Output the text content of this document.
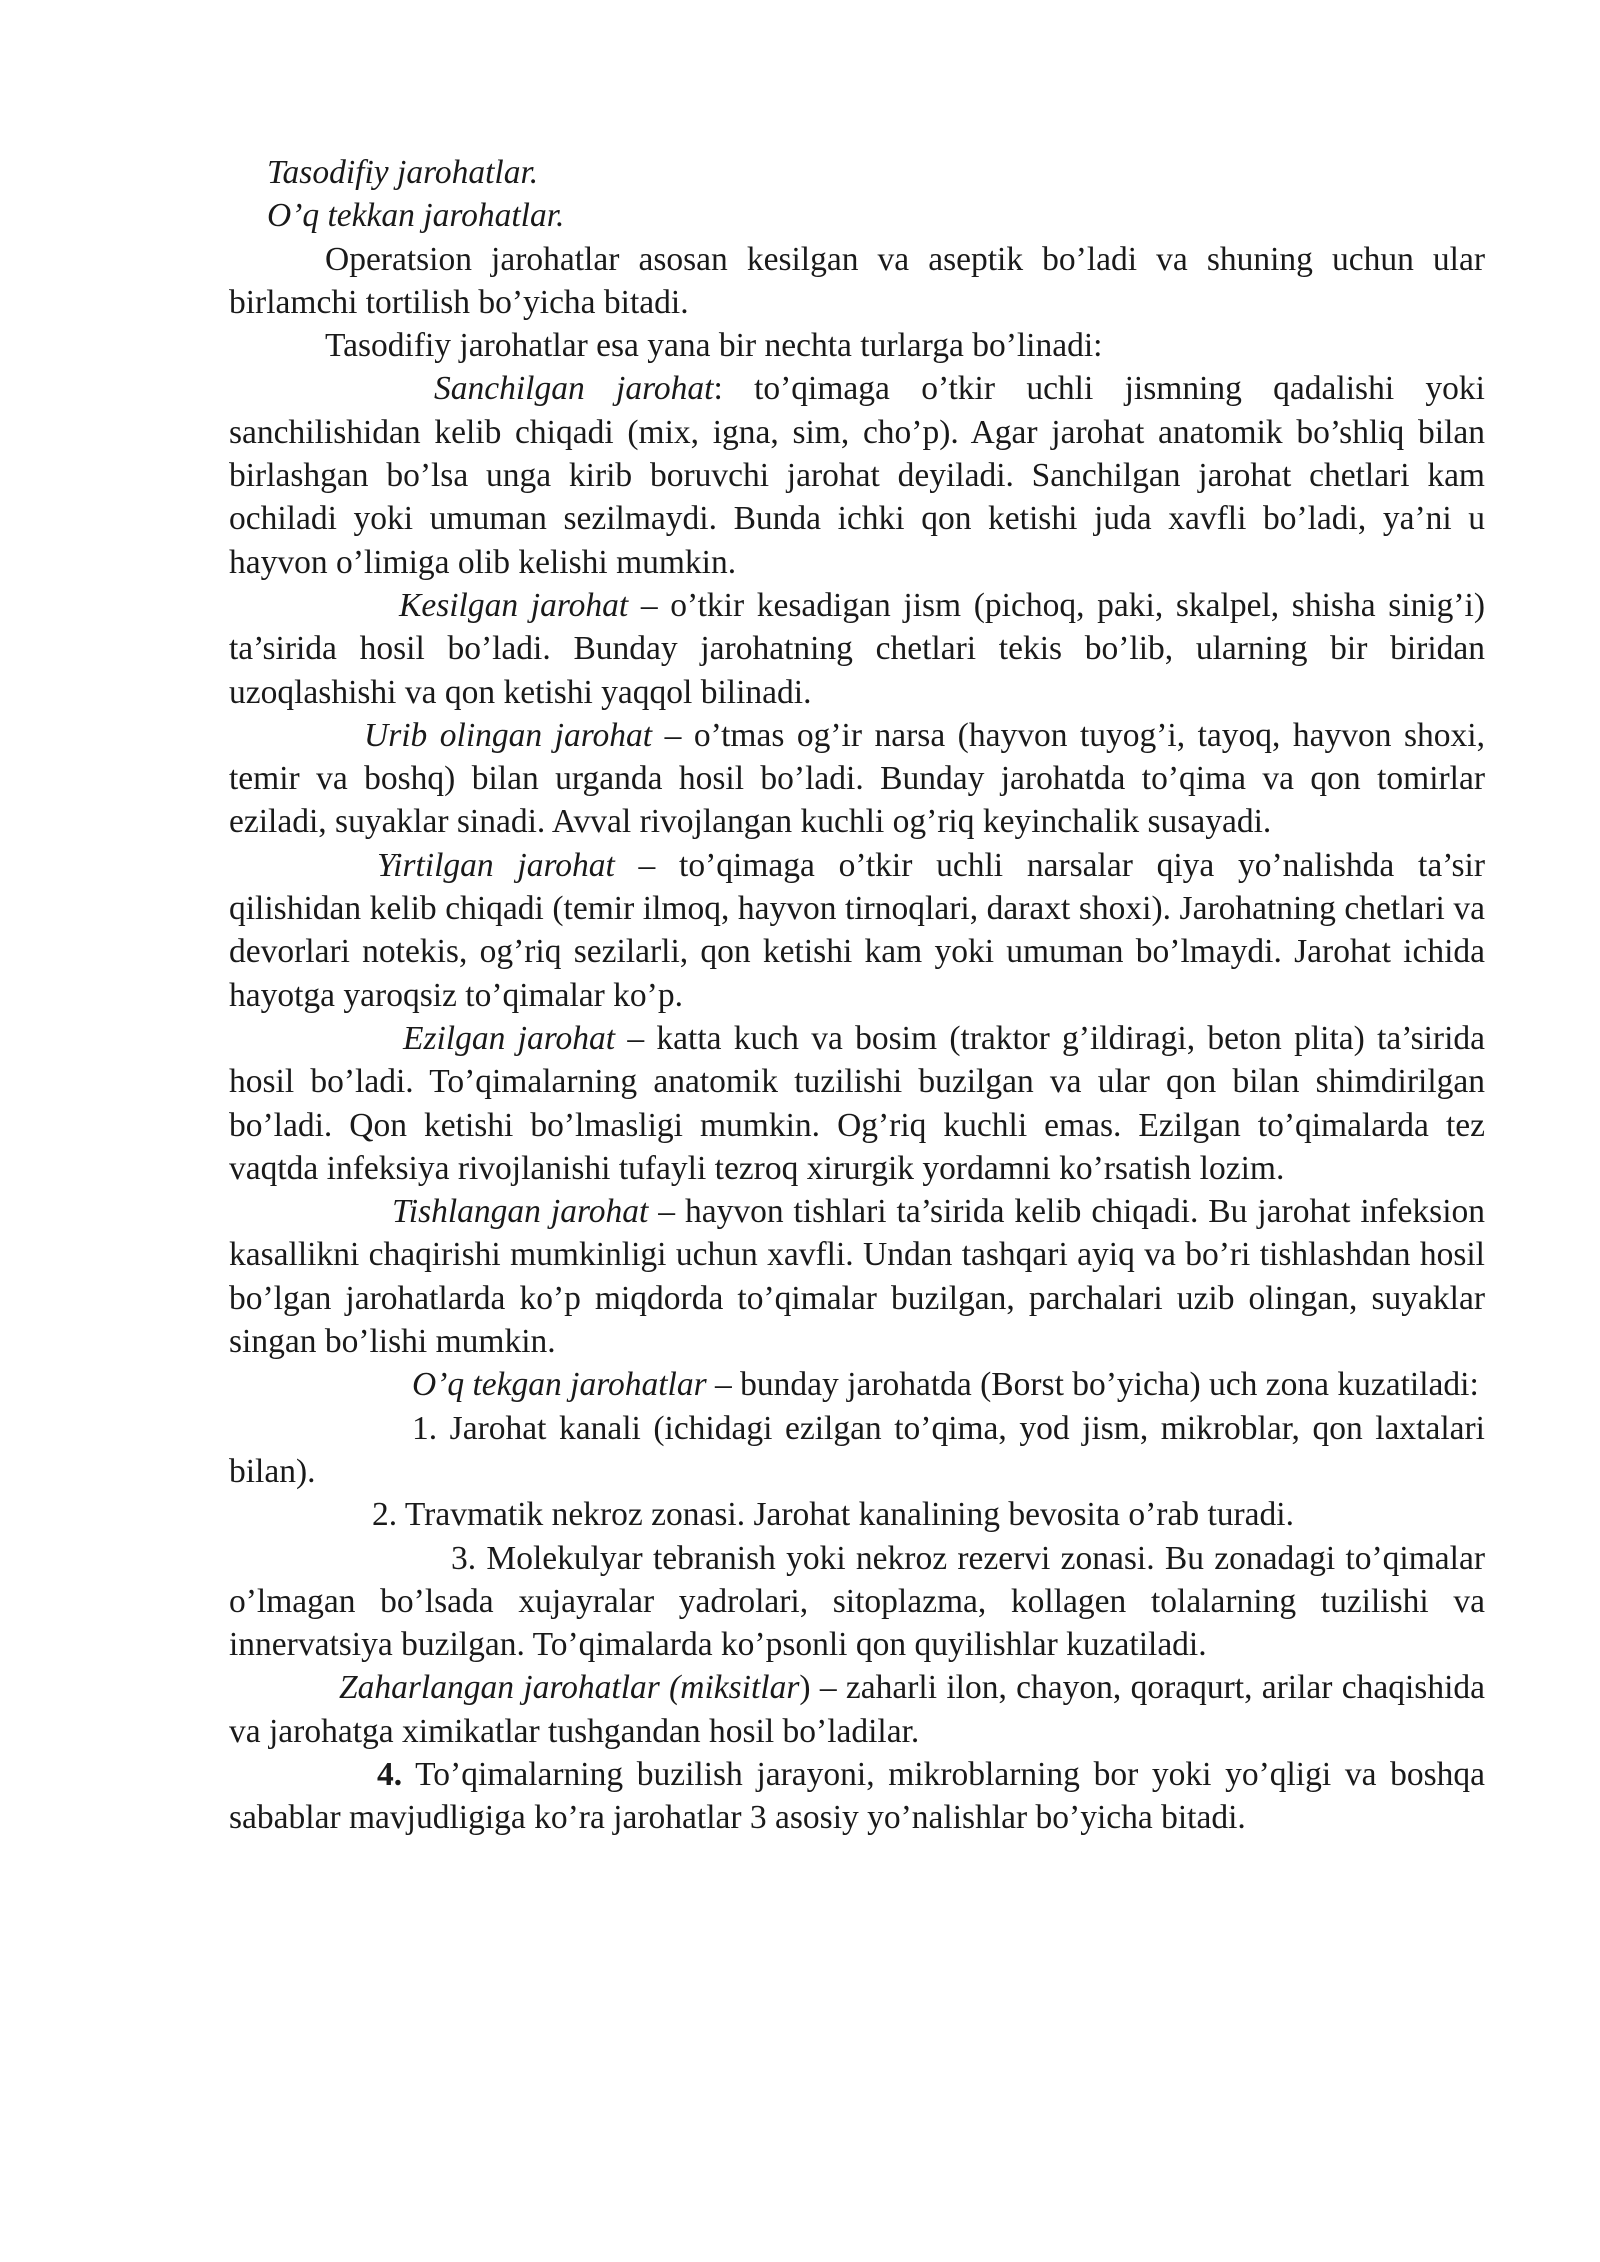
Tasodifiy jarohatlar.

O’q tekkan jarohatlar.

Operatsion jarohatlar asosan kesilgan va aseptik bo’ladi va shuning uchun ular birlamchi tortilish bo’yicha bitadi.

Tasodifiy jarohatlar esa yana bir nechta turlarga bo’linadi:

Sanchilgan jarohat: to’qimaga o’tkir uchli jismning qadalishi yoki sanchilishidan kelib chiqadi (mix, igna, sim, cho’p). Agar jarohat anatomik bo’shliq bilan birlashgan bo’lsa unga kirib boruvchi jarohat deyiladi. Sanchilgan jarohat chetlari kam ochiladi yoki umuman sezilmaydi. Bunda ichki qon ketishi juda xavfli bo’ladi, ya’ni u hayvon o’limiga olib kelishi mumkin.

Kesilgan jarohat – o’tkir kesadigan jism (pichoq, paki, skalpel, shisha sinig’i) ta’sirida hosil bo’ladi. Bunday jarohatning chetlari tekis bo’lib, ularning bir biridan uzoqlashishi va qon ketishi yaqqol bilinadi.

Urib olingan jarohat – o’tmas og’ir narsa (hayvon tuyog’i, tayoq, hayvon shoxi, temir va boshq) bilan urganda hosil bo’ladi. Bunday jarohatda to’qima va qon tomirlar eziladi, suyaklar sinadi. Avval rivojlangan kuchli og’riq keyinchalik susayadi.

Yirtilgan jarohat – to’qimaga o’tkir uchli narsalar qiya yo’nalishda ta’sir qilishidan kelib chiqadi (temir ilmoq, hayvon tirnoqlari, daraxt shoxi). Jarohatning chetlari va devorlari notekis, og’riq sezilarli, qon ketishi kam yoki umuman bo’lmaydi. Jarohat ichida hayotga yaroqsiz to’qimalar ko’p.

Ezilgan jarohat – katta kuch va bosim (traktor g’ildiragi, beton plita) ta’sirida hosil bo’ladi. To’qimalarning anatomik tuzilishi buzilgan va ular qon bilan shimdirilgan bo’ladi. Qon ketishi bo’lmasligi mumkin. Og’riq kuchli emas. Ezilgan to’qimalarda tez vaqtda infeksiya rivojlanishi tufayli tezroq xirurgik yordamni ko’rsatish lozim.

Tishlangan jarohat – hayvon tishlari ta’sirida kelib chiqadi. Bu jarohat infeksion kasallikni chaqirishi mumkinligi uchun xavfli. Undan tashqari ayiq va bo’ri tishlashdan hosil bo’lgan jarohatlarda ko’p miqdorda to’qimalar buzilgan, parchalari uzib olingan, suyaklar singan bo’lishi mumkin.

O’q tekgan jarohatlar – bunday jarohatda (Borst bo’yicha) uch zona kuzatiladi:

1. Jarohat kanali (ichidagi ezilgan to’qima, yod jism, mikroblar, qon laxtalari bilan).

2. Travmatik nekroz zonasi. Jarohat kanalining bevosita o’rab turadi.

3. Molekulyar tebranish yoki nekroz rezervi zonasi. Bu zonadagi to’qimalar o’lmagan bo’lsada xujayralar yadrolari, sitoplazma, kollagen tolalarning tuzilishi va innervatsiya buzilgan. To’qimalarda ko’psonli qon quyilishlar kuzatiladi.

Zaharlangan jarohatlar (miksitlar) – zaharli ilon, chayon, qoraqurt, arilar chaqishida va jarohatga ximikatlar tushgandan hosil bo’ladilar.

4. To’qimalarning buzilish jarayoni, mikroblarning bor yoki yo’qligi va boshqa sabablar mavjudligiga ko’ra jarohatlar 3 asosiy yo’nalishlar bo’yicha bitadi.
